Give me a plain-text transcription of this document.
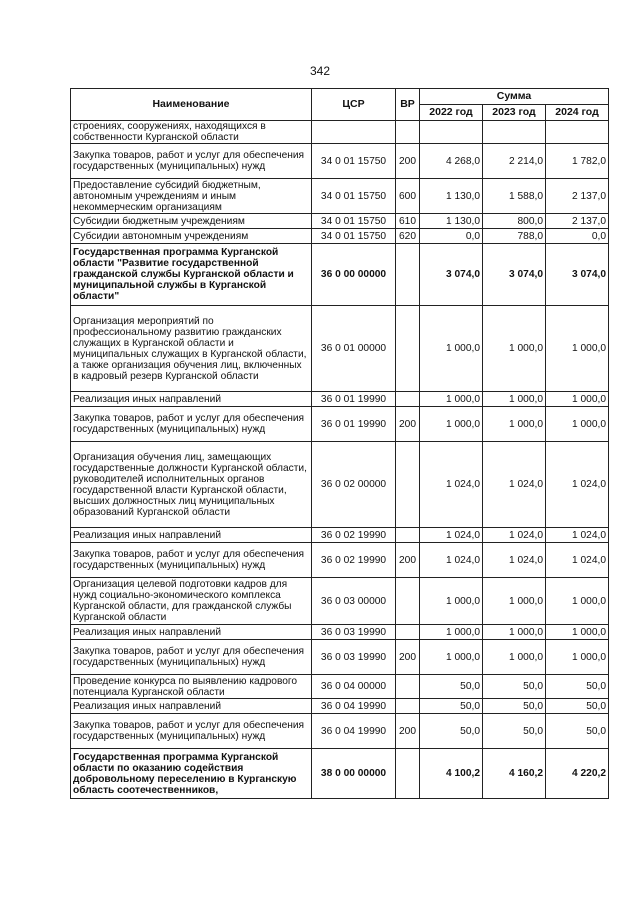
342
Наименование	ЦСР	ВР	Сумма		
			2022 год	2023 год	2024 год
строениях, сооружениях, находящихся в собственности Курганской области					
Закупка товаров, работ и услуг для обеспечения государственных (муниципальных) нужд	34 0 01 15750	200	4 268,0	2 214,0	1 782,0
Предоставление субсидий бюджетным, автономным учреждениям и иным некоммерческим организациям	34 0 01 15750	600	1 130,0	1 588,0	2 137,0
Субсидии бюджетным учреждениям	34 0 01 15750	610	1 130,0	800,0	2 137,0
Субсидии автономным учреждениям	34 0 01 15750	620	0,0	788,0	0,0
Государственная программа Курганской области "Развитие государственной гражданской службы Курганской области и муниципальной службы в Курганской области"	36 0 00 00000		3 074,0	3 074,0	3 074,0
Организация мероприятий по профессиональному развитию гражданских служащих в Курганской области и муниципальных служащих в Курганской области, а также организация обучения лиц, включенных в кадровый резерв Курганской области	36 0 01 00000		1 000,0	1 000,0	1 000,0
Реализация иных направлений	36 0 01 19990		1 000,0	1 000,0	1 000,0
Закупка товаров, работ и услуг для обеспечения государственных (муниципальных) нужд	36 0 01 19990	200	1 000,0	1 000,0	1 000,0
Организация обучения лиц, замещающих государственные должности Курганской области, руководителей исполнительных органов государственной власти Курганской области, высших должностных лиц муниципальных образований Курганской области	36 0 02 00000		1 024,0	1 024,0	1 024,0
Реализация иных направлений	36 0 02 19990		1 024,0	1 024,0	1 024,0
Закупка товаров, работ и услуг для обеспечения государственных (муниципальных) нужд	36 0 02 19990	200	1 024,0	1 024,0	1 024,0
Организация целевой подготовки кадров для нужд социально-экономического комплекса Курганской области, для гражданской службы Курганской области	36 0 03 00000		1 000,0	1 000,0	1 000,0
Реализация иных направлений	36 0 03 19990		1 000,0	1 000,0	1 000,0
Закупка товаров, работ и услуг для обеспечения государственных (муниципальных) нужд	36 0 03 19990	200	1 000,0	1 000,0	1 000,0
Проведение конкурса по выявлению кадрового потенциала Курганской области	36 0 04 00000		50,0	50,0	50,0
Реализация иных направлений	36 0 04 19990		50,0	50,0	50,0
Закупка товаров, работ и услуг для обеспечения государственных (муниципальных) нужд	36 0 04 19990	200	50,0	50,0	50,0
Государственная программа Курганской области по оказанию содействия добровольному переселению в Курганскую область соотечественников,	38 0 00 00000		4 100,2	4 160,2	4 220,2
